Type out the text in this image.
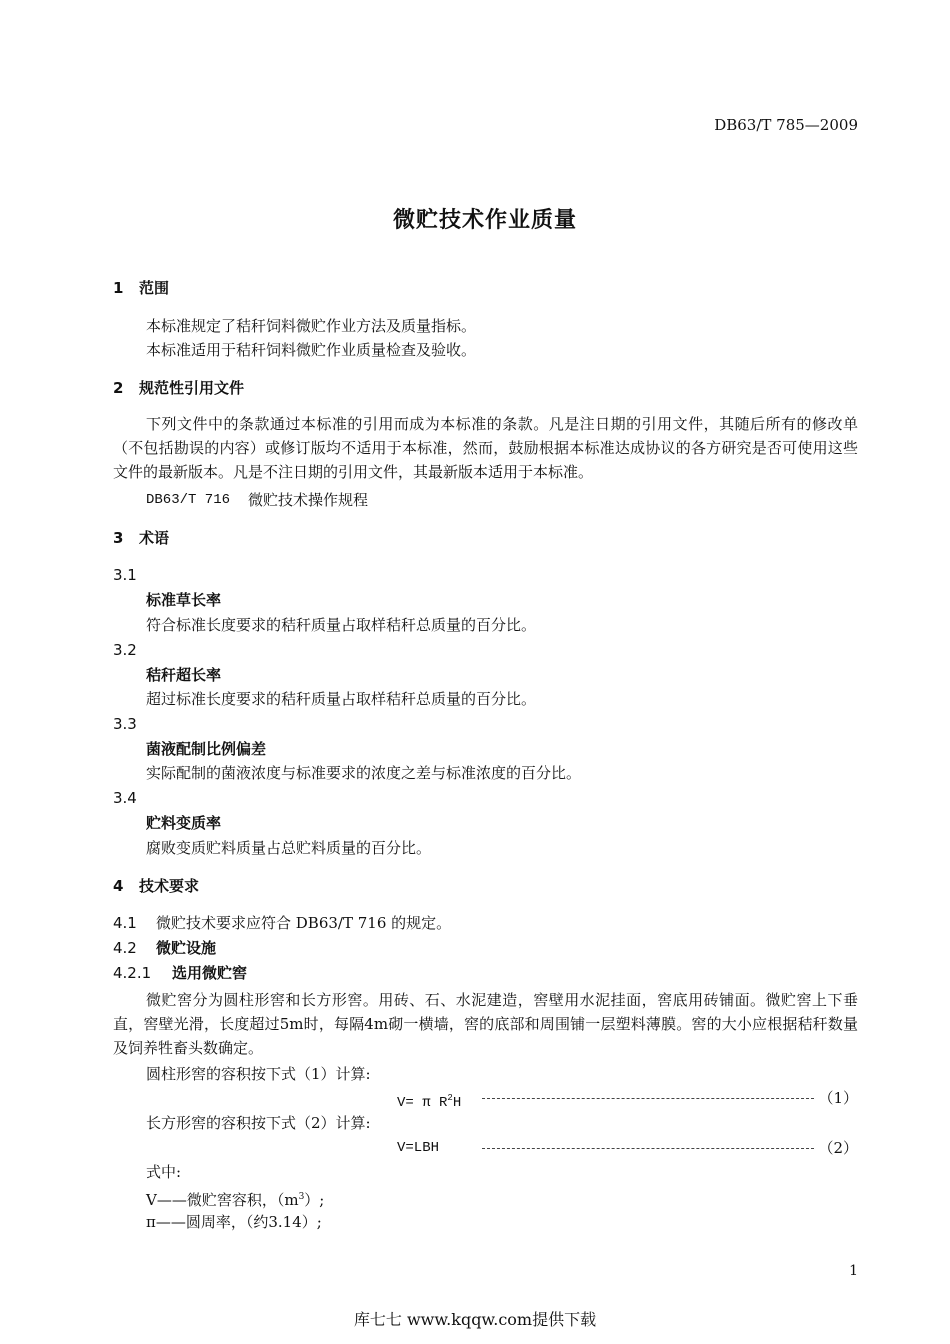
DB63/T 785—2009
微贮技术作业质量
1 范围
本标准规定了秸秆饲料微贮作业方法及质量指标。
本标准适用于秸秆饲料微贮作业质量检查及验收。
2 规范性引用文件
下列文件中的条款通过本标准的引用而成为本标准的条款。凡是注日期的引用文件，其随后所有的修改单（不包括勘误的内容）或修订版均不适用于本标准，然而，鼓励根据本标准达成协议的各方研究是否可使用这些文件的最新版本。凡是不注日期的引用文件，其最新版本适用于本标准。
DB63/T 716 微贮技术操作规程
3 术语
3.1
标准草长率
符合标准长度要求的秸秆质量占取样秸秆总质量的百分比。
3.2
秸秆超长率
超过标准长度要求的秸秆质量占取样秸秆总质量的百分比。
3.3
菌液配制比例偏差
实际配制的菌液浓度与标准要求的浓度之差与标准浓度的百分比。
3.4
贮料变质率
腐败变质贮料质量占总贮料质量的百分比。
4 技术要求
4.1 微贮技术要求应符合 DB63/T 716 的规定。
4.2 微贮设施
4.2.1 选用微贮窖
微贮窖分为圆柱形窖和长方形窖。用砖、石、水泥建造，窖壁用水泥挂面，窖底用砖铺面。微贮窖上下垂直，窖壁光滑，长度超过5m时，每隔4m砌一横墙，窖的底部和周围铺一层塑料薄膜。窖的大小应根据秸秆数量及饲养牲畜头数确定。
圆柱形窖的容积按下式（1）计算:
V= π $R^2H$	（1）
长方形窖的容积按下式（2）计算:
V=LBH	（2）
式中:
V——微贮窖容积，$(m^3)$;
π——圆周率，（约3.14）;
1
库七七 www.kqqw.com提供下载
